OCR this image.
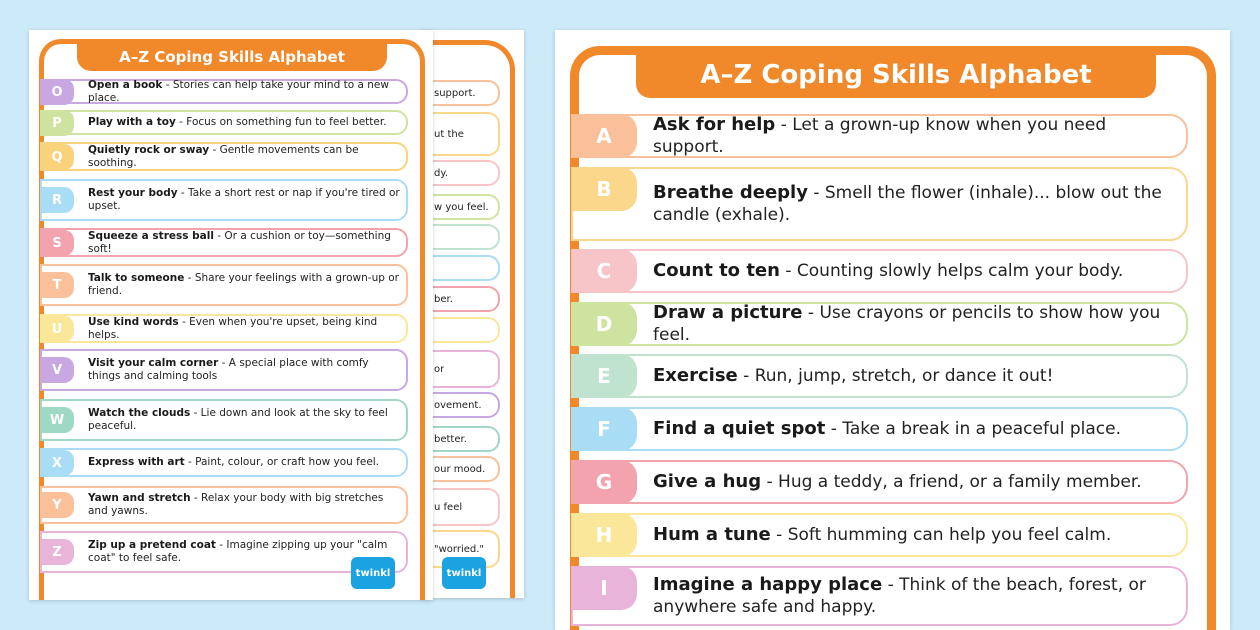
support.
ut the
dy.
w you feel.
ber.
or
ovement.
better.
our mood.
u feel
"worried."
twinkl
A–Z Coping Skills Alphabet
O	Open a book - Stories can help take your mind to a new place.
P	Play with a toy - Focus on something fun to feel better.
Q	Quietly rock or sway - Gentle movements can be soothing.
R	Rest your body - Take a short rest or nap if you're tired or upset.
S	Squeeze a stress ball - Or a cushion or toy—something soft!
T	Talk to someone - Share your feelings with a grown-up or friend.
U	Use kind words - Even when you're upset, being kind helps.
V	Visit your calm corner - A special place with comfy things and calming tools
W	Watch the clouds - Lie down and look at the sky to feel peaceful.
X	Express with art - Paint, colour, or craft how you feel.
Y	Yawn and stretch - Relax your body with big stretches and yawns.
Z	Zip up a pretend coat - Imagine zipping up your "calm coat" to feel safe.
twinkl
A–Z Coping Skills Alphabet
A	Ask for help - Let a grown-up know when you need support.
B	Breathe deeply - Smell the flower (inhale)... blow out the candle (exhale).
C	Count to ten - Counting slowly helps calm your body.
D	Draw a picture - Use crayons or pencils to show how you feel.
E	Exercise - Run, jump, stretch, or dance it out!
F	Find a quiet spot - Take a break in a peaceful place.
G	Give a hug - Hug a teddy, a friend, or a family member.
H	Hum a tune - Soft humming can help you feel calm.
I	Imagine a happy place - Think of the beach, forest, or anywhere safe and happy.
